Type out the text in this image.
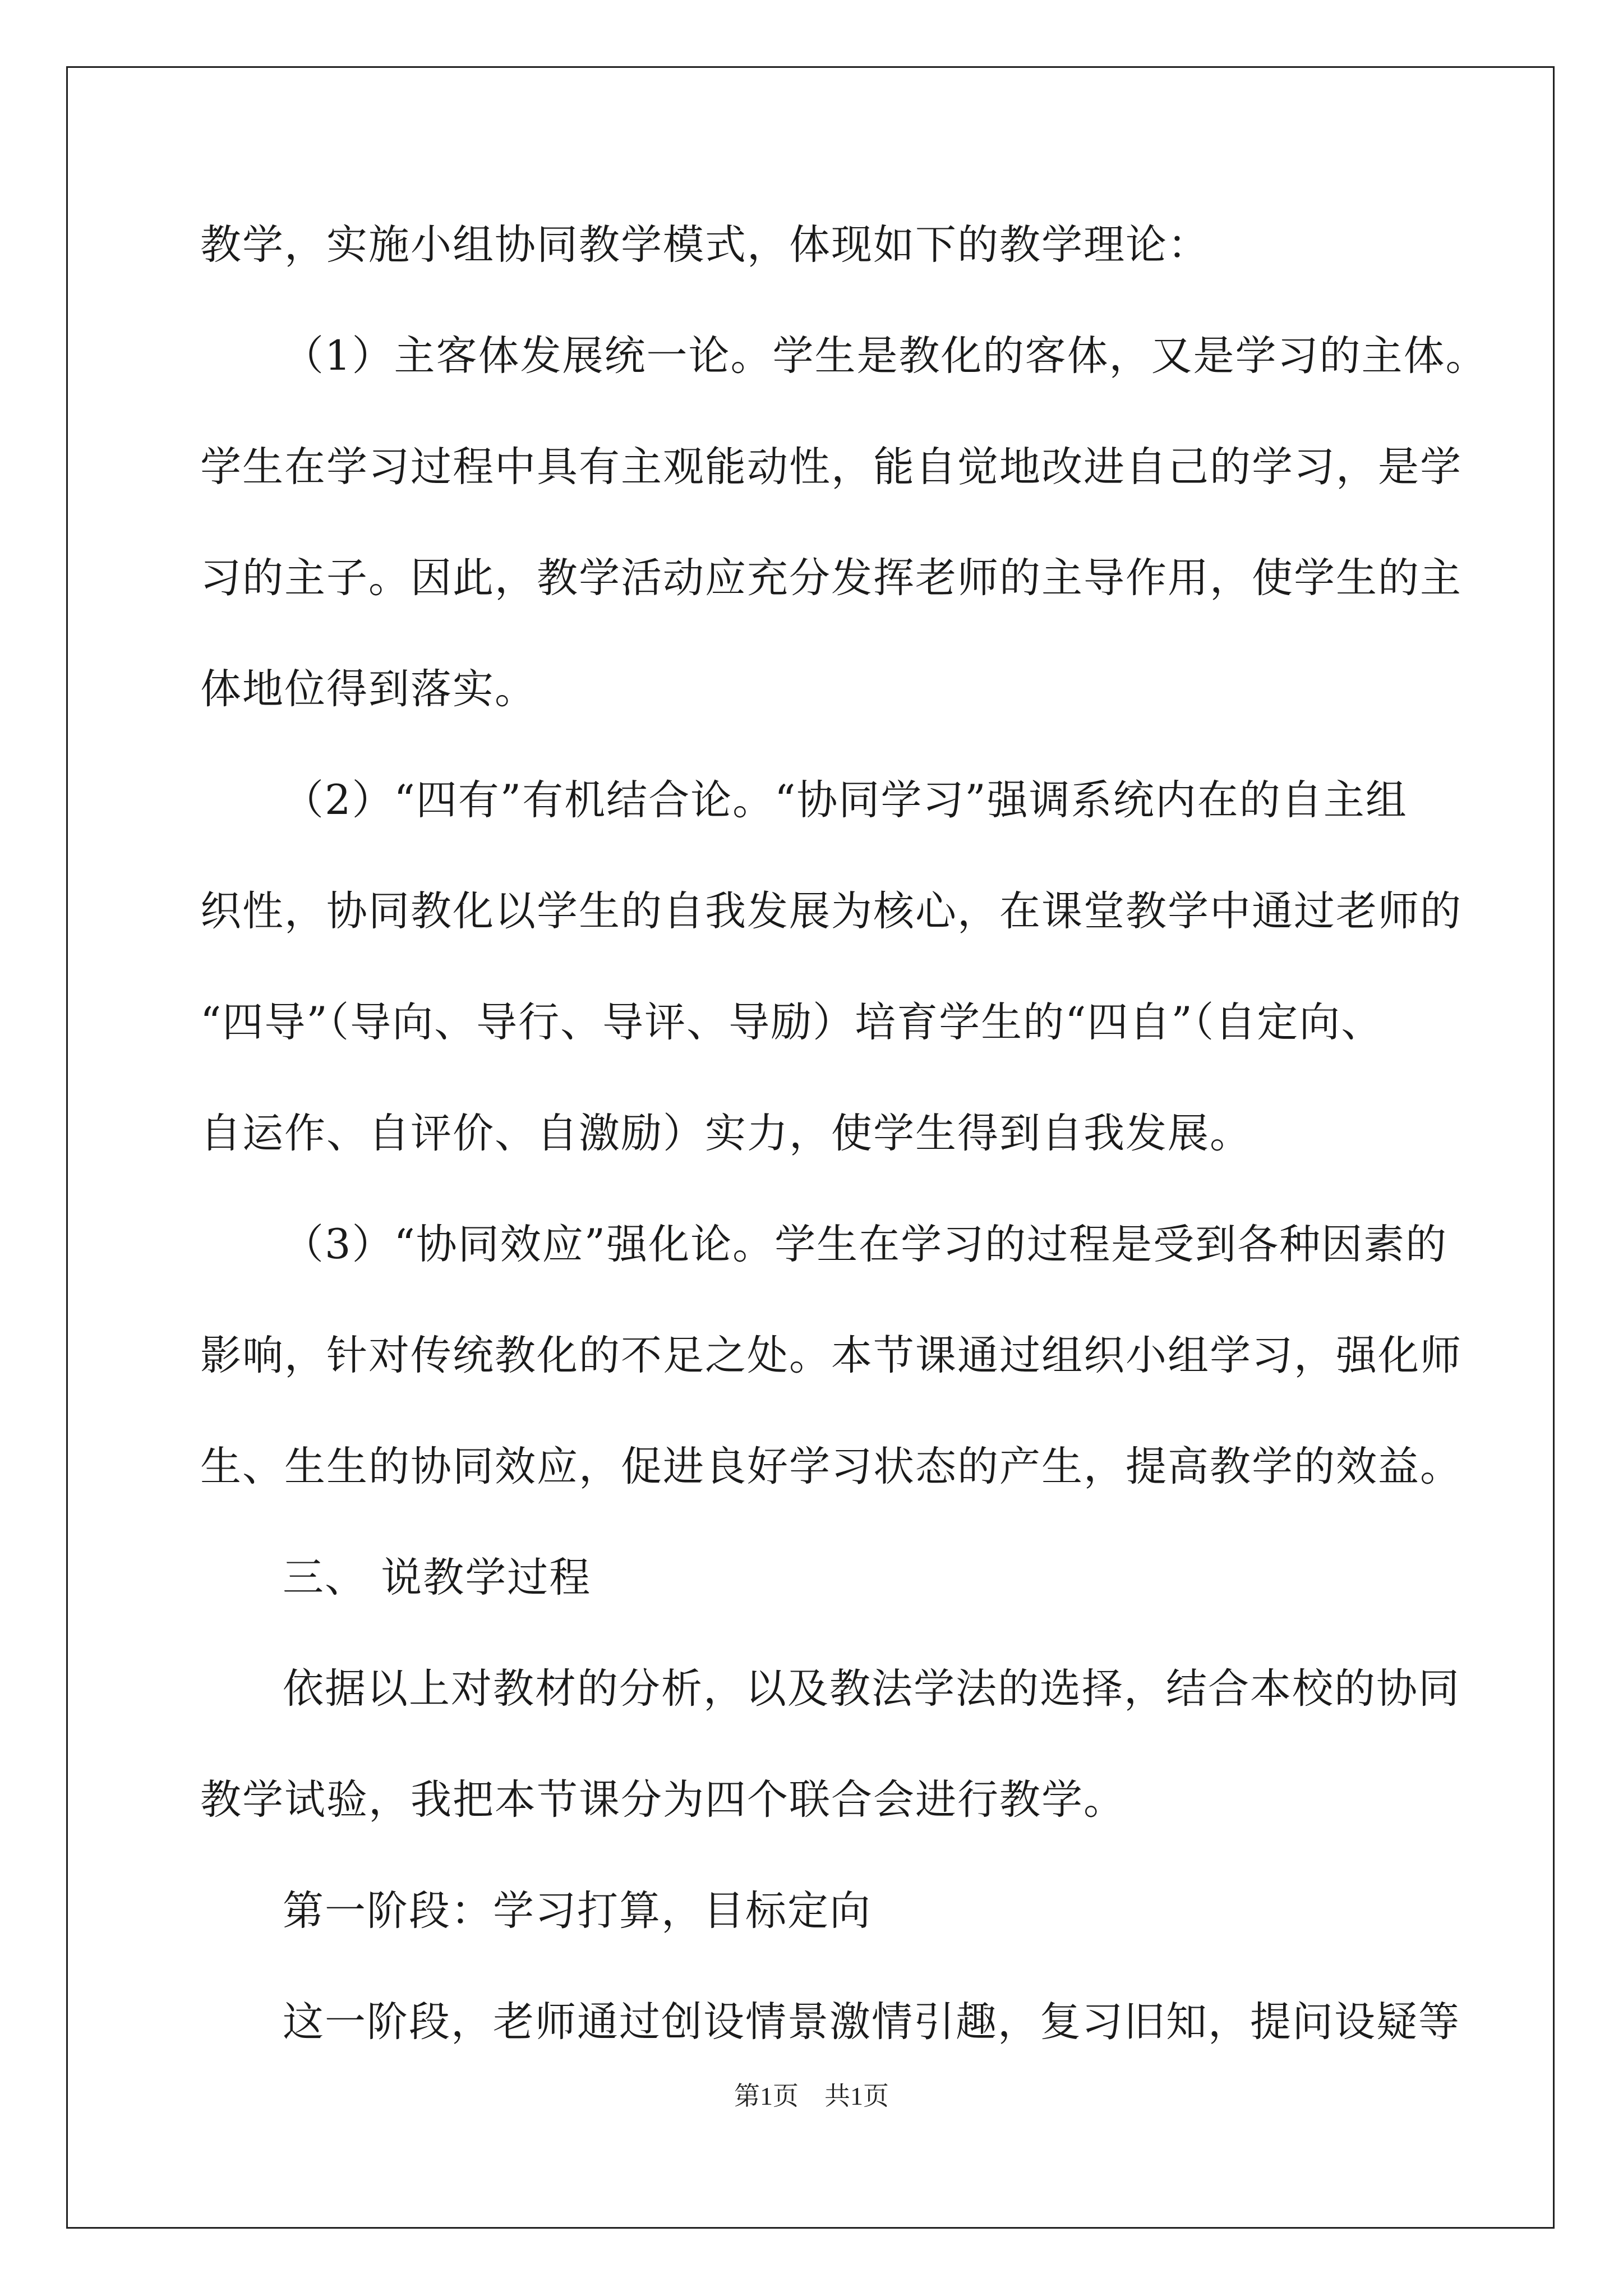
教学，实施小组协同教学模式，体现如下的教学理论：
（1）主客体发展统一论。学生是教化的客体，又是学习的主体。
学生在学习过程中具有主观能动性，能自觉地改进自己的学习，是学
习的主子。因此，教学活动应充分发挥老师的主导作用，使学生的主
体地位得到落实。
（2）“四有”有机结合论。“协同学习”强调系统内在的自主组
织性，协同教化以学生的自我发展为核心，在课堂教学中通过老师的
“四导”（导向、导行、导评、导励）培育学生的“四自”（自定向、
自运作、自评价、自激励）实力，使学生得到自我发展。
（3）“协同效应”强化论。学生在学习的过程是受到各种因素的
影响，针对传统教化的不足之处。本节课通过组织小组学习，强化师
生、生生的协同效应，促进良好学习状态的产生，提高教学的效益。
三、 说教学过程
依据以上对教材的分析，以及教法学法的选择，结合本校的协同
教学试验，我把本节课分为四个联合会进行教学。
第一阶段：学习打算，目标定向
这一阶段，老师通过创设情景激情引趣，复习旧知，提问设疑等
第1页　共1页
